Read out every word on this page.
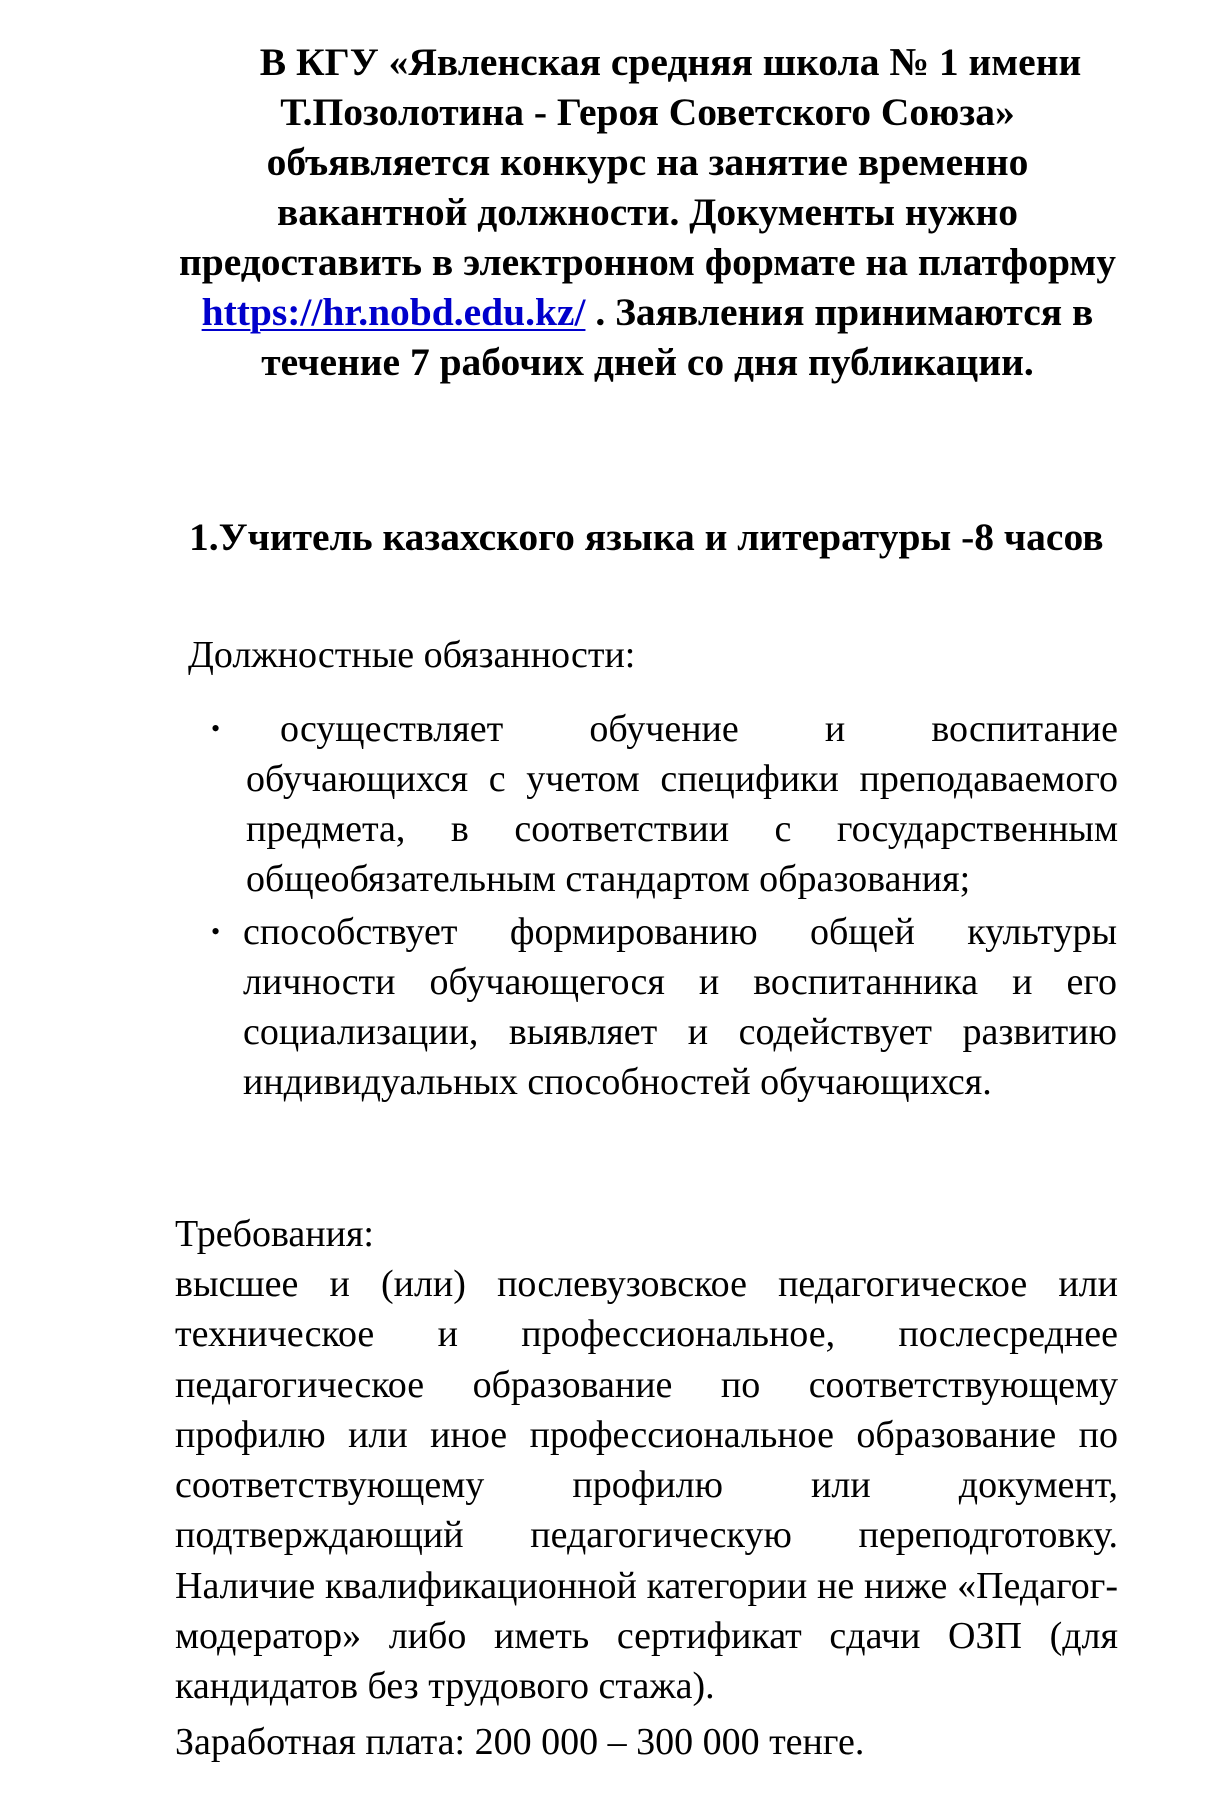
В КГУ «Явленская средняя школа № 1 имени Т.Позолотина - Героя Советского Союза» объявляется конкурс на занятие временно вакантной должности. Документы нужно предоставить в электронном формате на платформу https://hr.nobd.edu.kz/ . Заявления принимаются в течение 7 рабочих дней со дня публикации.

1.Учитель казахского языка и литературы -8 часов

Должностные обязанности:

•	осуществляет обучение и воспитание обучающихся с учетом специфики преподаваемого предмета, в соответствии с государственным общеобязательным стандартом образования;
• способствует формированию общей культуры личности обучающегося и воспитанника и его социализации, выявляет и содействует развитию индивидуальных способностей обучающихся.

Требования:

высшее и (или) послевузовское педагогическое или техническое и профессиональное, послесреднее педагогическое образование по соответствующему профилю или иное профессиональное образование по соответствующему профилю или документ, подтверждающий педагогическую переподготовку. Наличие квалификационной категории не ниже «Педагог-модератор» либо иметь сертификат сдачи ОЗП (для кандидатов без трудового стажа).

Заработная плата: 200 000 – 300 000 тенге.
